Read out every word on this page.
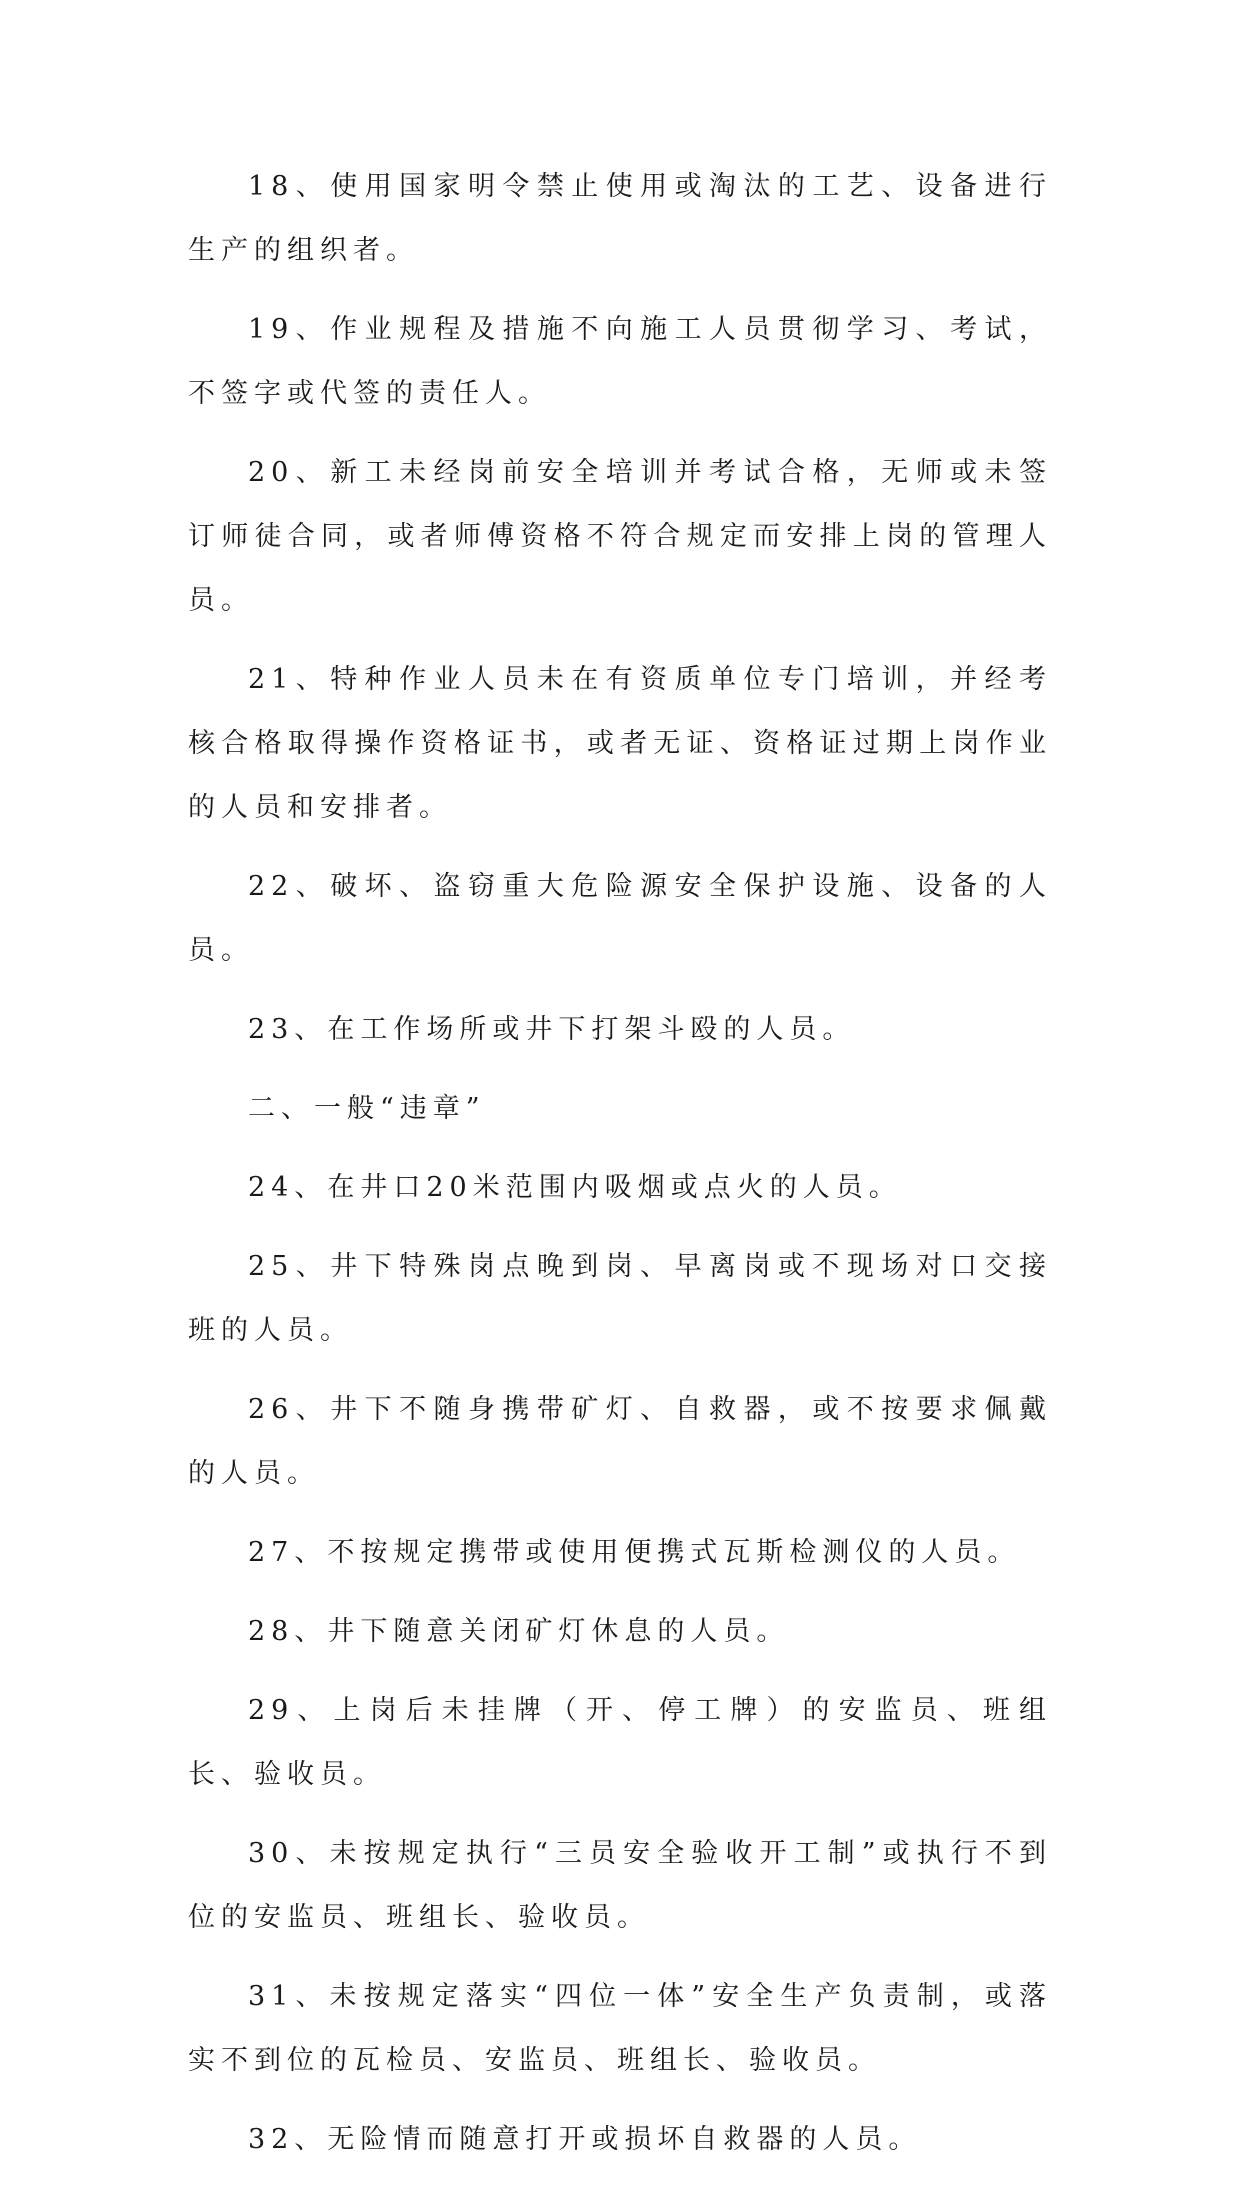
18、使用国家明令禁止使用或淘汰的工艺、设备进行生产的组织者。

19、作业规程及措施不向施工人员贯彻学习、考试，不签字或代签的责任人。

20、新工未经岗前安全培训并考试合格，无师或未签订师徒合同，或者师傅资格不符合规定而安排上岗的管理人员。

21、特种作业人员未在有资质单位专门培训，并经考核合格取得操作资格证书，或者无证、资格证过期上岗作业的人员和安排者。

22、破坏、盗窃重大危险源安全保护设施、设备的人员。

23、在工作场所或井下打架斗殴的人员。

二、一般“违章”

24、在井口20米范围内吸烟或点火的人员。

25、井下特殊岗点晚到岗、早离岗或不现场对口交接班的人员。

26、井下不随身携带矿灯、自救器，或不按要求佩戴的人员。

27、不按规定携带或使用便携式瓦斯检测仪的人员。

28、井下随意关闭矿灯休息的人员。

29、上岗后未挂牌（开、停工牌）的安监员、班组长、验收员。

30、未按规定执行“三员安全验收开工制”或执行不到位的安监员、班组长、验收员。

31、未按规定落实“四位一体”安全生产负责制，或落实不到位的瓦检员、安监员、班组长、验收员。

32、无险情而随意打开或损坏自救器的人员。
